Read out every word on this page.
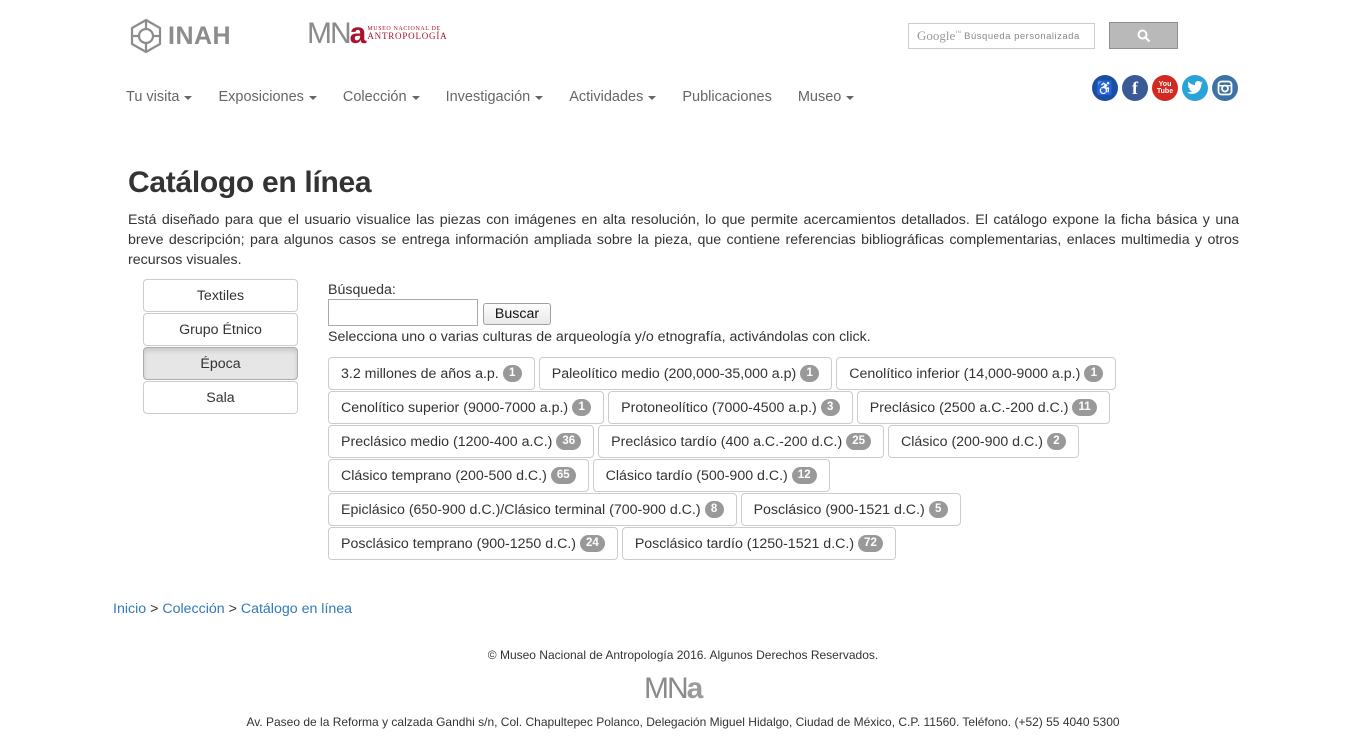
INAH	MNa MUSEO NACIONAL DE
ANTROPOLOGÍA	Google™ Búsqueda personalizada
Tu visita	Exposiciones	Colección	Investigación	Actividades	Publicaciones Museo
♿	f	You
Tube
Catálogo en línea

Está diseñado para que el usuario visualice las piezas con imágenes en alta resolución, lo que permite acercamientos detallados. El catálogo expone la ficha básica y una breve descripción; para algunos casos se entrega información ampliada sobre la pieza, que contiene referencias bibliográficas complementarias, enlaces multimedia y otros recursos visuales.

Textiles
Grupo Étnico
Época
Sala
Búsqueda:
Buscar
Selecciona uno o varias culturas de arqueología y/o etnografía, activándolas con click.
3.2 millones de años a.p. 1	Paleolítico medio (200,000-35,000 a.p) 1	Cenolítico inferior (14,000-9000 a.p.) 1
Cenolítico superior (9000-7000 a.p.) 1	Protoneolítico (7000-4500 a.p.) 3	Preclásico (2500 a.C.-200 d.C.) 11
Preclásico medio (1200-400 a.C.) 36	Preclásico tardío (400 a.C.-200 d.C.) 25	Clásico (200-900 d.C.) 2
Clásico temprano (200-500 d.C.) 65	Clásico tardío (500-900 d.C.) 12
Epiclásico (650-900 d.C.)/Clásico terminal (700-900 d.C.) 8	Posclásico (900-1521 d.C.) 5
Posclásico temprano (900-1250 d.C.) 24	Posclásico tardío (1250-1521 d.C.) 72
Inicio > Colección > Catálogo en línea
© Museo Nacional de Antropología 2016. Algunos Derechos Reservados.
MNa
Av. Paseo de la Reforma y calzada Gandhi s/n, Col. Chapultepec Polanco, Delegación Miguel Hidalgo, Ciudad de México, C.P. 11560. Teléfono. (+52) 55 4040 5300
